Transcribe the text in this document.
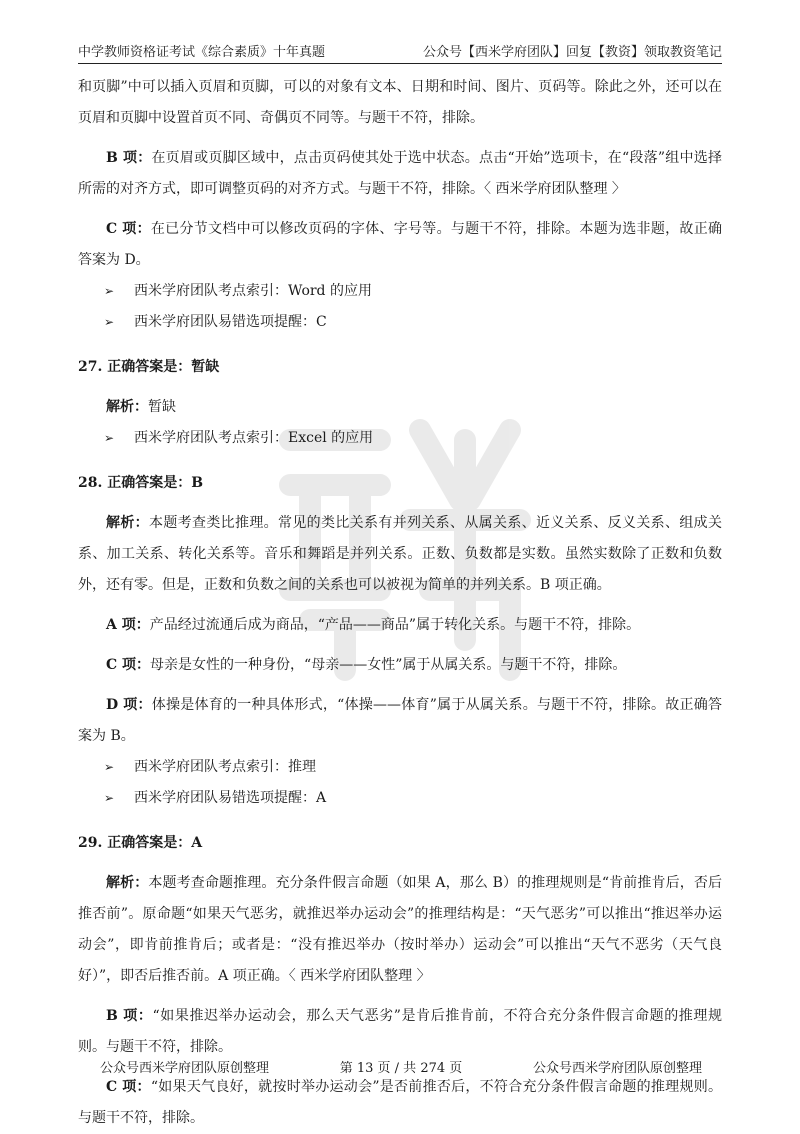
中学教师资格证考试《综合素质》十年真题	公众号【西米学府团队】回复【教资】领取教资笔记
西米学府

和页脚”中可以插入页眉和页脚，可以的对象有文本、日期和时间、图片、页码等。除此之外，还可以在页眉和页脚中设置首页不同、奇偶页不同等。与题干不符，排除。

B 项：在页眉或页脚区域中，点击页码使其处于选中状态。点击“开始”选项卡，在“段落”组中选择所需的对齐方式，即可调整页码的对齐方式。与题干不符，排除。〈 西米学府团队整理 〉

C 项：在已分节文档中可以修改页码的字体、字号等。与题干不符，排除。本题为选非题，故正确答案为 D。

➢	西米学府团队考点索引：Word 的应用
➢	西米学府团队易错选项提醒：C

27. 正确答案是：暂缺

解析：暂缺

➢	西米学府团队考点索引：Excel 的应用

28. 正确答案是：B

解析：本题考查类比推理。常见的类比关系有并列关系、从属关系、近义关系、反义关系、组成关系、加工关系、转化关系等。音乐和舞蹈是并列关系。正数、负数都是实数。虽然实数除了正数和负数外，还有零。但是，正数和负数之间的关系也可以被视为简单的并列关系。B 项正确。

A 项：产品经过流通后成为商品，“产品——商品”属于转化关系。与题干不符，排除。

C 项：母亲是女性的一种身份，“母亲——女性”属于从属关系。与题干不符，排除。

D 项：体操是体育的一种具体形式，“体操——体育”属于从属关系。与题干不符，排除。故正确答案为 B。

➢	西米学府团队考点索引：推理
➢	西米学府团队易错选项提醒：A

29. 正确答案是：A

解析：本题考查命题推理。充分条件假言命题（如果 A，那么 B）的推理规则是“肯前推肯后，否后推否前”。原命题“如果天气恶劣，就推迟举办运动会”的推理结构是：“天气恶劣”可以推出“推迟举办运动会”，即肯前推肯后；或者是：“没有推迟举办（按时举办）运动会”可以推出“天气不恶劣（天气良好）”，即否后推否前。A 项正确。〈 西米学府团队整理 〉

B 项：“如果推迟举办运动会，那么天气恶劣”是肯后推肯前，不符合充分条件假言命题的推理规则。与题干不符，排除。

C 项：“如果天气良好，就按时举办运动会”是否前推否后，不符合充分条件假言命题的推理规则。与题干不符，排除。

公众号西米学府团队原创整理	第 13 页 / 共 274 页	公众号西米学府团队原创整理
